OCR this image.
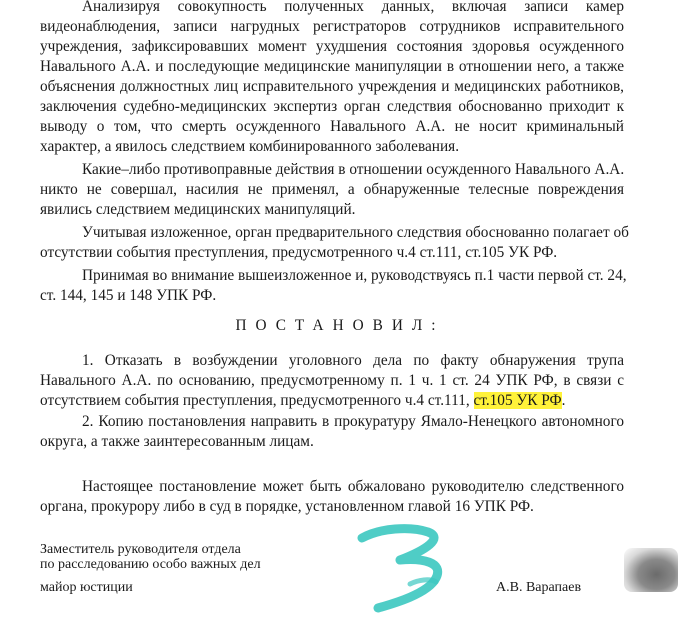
Анализируя совокупность полученных данных, включая записи камер
видеонаблюдения, записи нагрудных регистраторов сотрудников исправительного
учреждения, зафиксировавших момент ухудшения состояния здоровья осужденного
Навального А.А. и последующие медицинские манипуляции в отношении него, а также
объяснения должностных лиц исправительного учреждения и медицинских работников,
заключения судебно-медицинских экспертиз орган следствия обоснованно приходит к
выводу о том, что смерть осужденного Навального А.А. не носит криминальный
характер, а явилось следствием комбинированного заболевания.
Какие–либо противоправные действия в отношении осужденного Навального А.А.
никто не совершал, насилия не применял, а обнаруженные телесные повреждения
явились следствием медицинских манипуляций.
Учитывая изложенное, орган предварительного следствия обоснованно полагает об
отсутствии события преступления, предусмотренного ч.4 ст.111, ст.105 УК РФ.
Принимая во внимание вышеизложенное и, руководствуясь п.1 части первой ст. 24,
ст. 144, 145 и 148 УПК РФ.
ПОСТАНОВИЛ:
1. Отказать в возбуждении уголовного дела по факту обнаружения трупа
Навального А.А. по основанию, предусмотренному п. 1 ч. 1 ст. 24 УПК РФ, в связи с
отсутствием события преступления, предусмотренного ч.4 ст.111, ст.105 УК РФ.
2. Копию постановления направить в прокуратуру Ямало-Ненецкого автономного
округа, а также заинтересованным лицам.
Настоящее постановление может быть обжаловано руководителю следственного
органа, прокурору либо в суд в порядке, установленном главой 16 УПК РФ.
Заместитель руководителя отдела
по расследованию особо важных дел
майор юстиции	А.В. Варапаев
